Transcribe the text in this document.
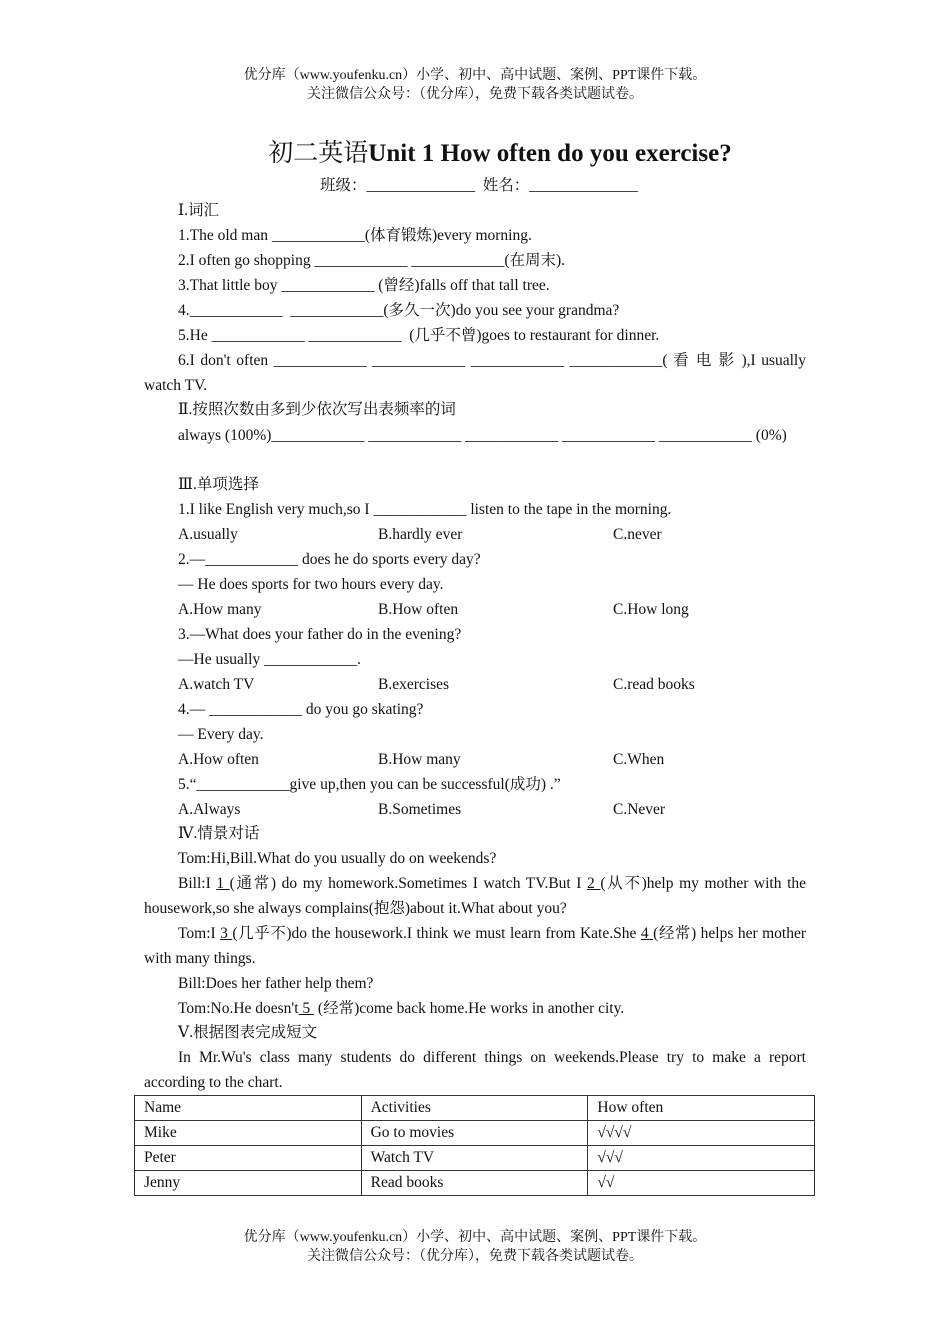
优分库（www.youfenku.cn）小学、初中、高中试题、案例、PPT课件下载。
关注微信公众号：（优分库），免费下载各类试题试卷。
初二英语Unit 1 How often do you exercise?
班级：______________  姓名：______________
Ⅰ.词汇
1.The old man ____________(体育锻炼)every morning.
2.I often go shopping ____________ ____________(在周末).
3.That little boy ____________ (曾经)falls off that tall tree.
4.____________  ____________(多久一次)do you see your grandma?
5.He ____________ ____________  (几乎不曾)goes to restaurant for dinner.
6.I don't often ____________ ____________ ____________ ____________( 看 电 影 ),I usually watch TV.
Ⅱ.按照次数由多到少依次写出表频率的词
always (100%)____________ ____________ ____________ ____________ ____________ (0%)
Ⅲ.单项选择
1.I like English very much,so I ____________ listen to the tape in the morning.
A.usually	B.hardly ever	C.never
2.—____________ does he do sports every day?
— He does sports for two hours every day.
A.How many	B.How often	C.How long
3.—What does your father do in the evening?
—He usually ____________.
A.watch TV	B.exercises	C.read books
4.— ____________ do you go skating?
— Every day.
A.How often	B.How many	C.When
5.“____________give up,then you can be successful(成功) .”
A.Always	B.Sometimes	C.Never
Ⅳ.情景对话
Tom:Hi,Bill.What do you usually do on weekends?
Bill:I 1 (通常) do my homework.Sometimes I watch TV.But I 2 (从不)help my mother with the housework,so she always complains(抱怨)about it.What about you?
Tom:I 3 (几乎不)do the housework.I think we must learn from Kate.She 4 (经常) helps her mother with many things.
Bill:Does her father help them?
Tom:No.He doesn't 5  (经常)come back home.He works in another city.
Ⅴ.根据图表完成短文
In Mr.Wu's class many students do different things on weekends.Please try to make a report according to the chart.
Name	Activities	How often
Mike	Go to movies	√√√√
Peter	Watch TV	√√√
Jenny	Read books	√√
优分库（www.youfenku.cn）小学、初中、高中试题、案例、PPT课件下载。
关注微信公众号：（优分库），免费下载各类试题试卷。
